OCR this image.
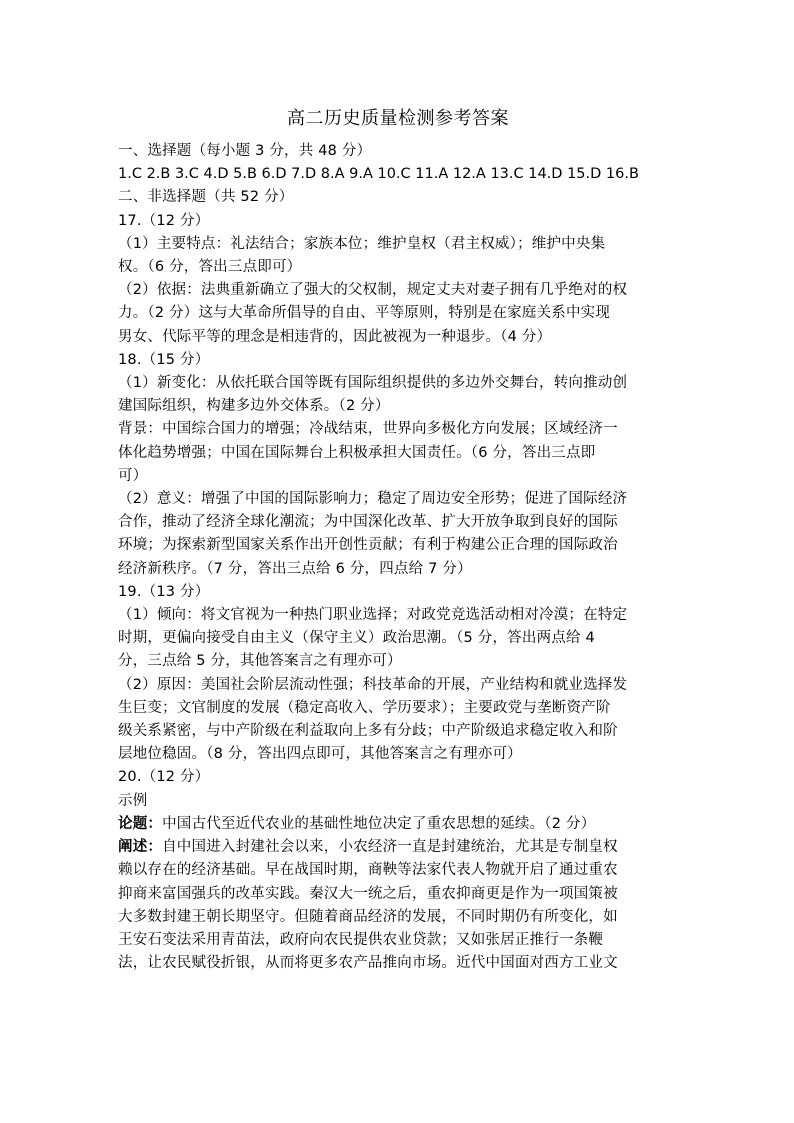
高二历史质量检测参考答案
一、选择题（每小题 3 分，共 48 分）
1.C 2.B 3.C 4.D 5.B 6.D 7.D 8.A 9.A 10.C 11.A 12.A 13.C 14.D 15.D 16.B
二、非选择题（共 52 分）
17.（12 分）
（1）主要特点：礼法结合；家族本位；维护皇权（君主权威）；维护中央集
权。（6 分，答出三点即可）
（2）依据：法典重新确立了强大的父权制，规定丈夫对妻子拥有几乎绝对的权
力。（2 分）这与大革命所倡导的自由、平等原则，特别是在家庭关系中实现
男女、代际平等的理念是相违背的，因此被视为一种退步。（4 分）
18.（15 分）
（1）新变化：从依托联合国等既有国际组织提供的多边外交舞台，转向推动创
建国际组织，构建多边外交体系。（2 分）
背景：中国综合国力的增强；冷战结束，世界向多极化方向发展；区域经济一
体化趋势增强；中国在国际舞台上积极承担大国责任。（6 分，答出三点即
可）
（2）意义：增强了中国的国际影响力；稳定了周边安全形势；促进了国际经济
合作，推动了经济全球化潮流；为中国深化改革、扩大开放争取到良好的国际
环境；为探索新型国家关系作出开创性贡献；有利于构建公正合理的国际政治
经济新秩序。（7 分，答出三点给 6 分，四点给 7 分）
19.（13 分）
（1）倾向：将文官视为一种热门职业选择；对政党竞选活动相对冷漠；在特定
时期，更偏向接受自由主义（保守主义）政治思潮。（5 分，答出两点给 4
分，三点给 5 分，其他答案言之有理亦可）
（2）原因：美国社会阶层流动性强；科技革命的开展，产业结构和就业选择发
生巨变；文官制度的发展（稳定高收入、学历要求）；主要政党与垄断资产阶
级关系紧密，与中产阶级在利益取向上多有分歧；中产阶级追求稳定收入和阶
层地位稳固。（8 分，答出四点即可，其他答案言之有理亦可）
20.（12 分）
示例
论题：中国古代至近代农业的基础性地位决定了重农思想的延续。（2 分）
阐述：自中国进入封建社会以来，小农经济一直是封建统治，尤其是专制皇权
赖以存在的经济基础。早在战国时期，商鞅等法家代表人物就开启了通过重农
抑商来富国强兵的改革实践。秦汉大一统之后，重农抑商更是作为一项国策被
大多数封建王朝长期坚守。但随着商品经济的发展，不同时期仍有所变化，如
王安石变法采用青苗法，政府向农民提供农业贷款；又如张居正推行一条鞭
法，让农民赋役折银，从而将更多农产品推向市场。近代中国面对西方工业文
